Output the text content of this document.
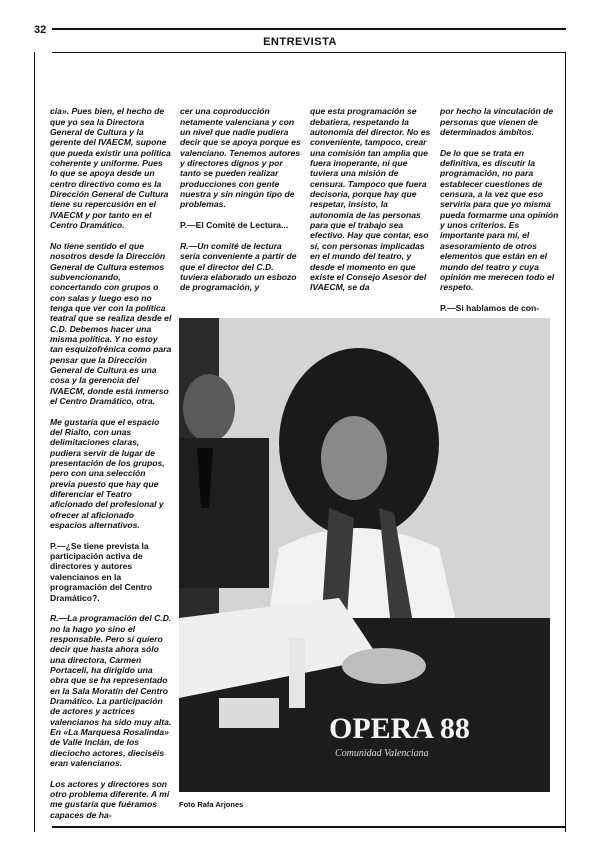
32
ENTREVISTA

cia». Pues bien, el hecho de que yo sea la Directora General de Cultura y la gerente del IVAECM, supone que pueda existir una política coherente y uniforme. Pues lo que se apoya desde un centro directivo como es la Dirección General de Cultura tiene su repercusión en el IVAECM y por tanto en el Centro Dramático.

No tiene sentido el que nosotros desde la Dirección General de Cultura estemos subvencionando, concertando con grupos o con salas y luego eso no tenga que ver con la política teatral que se realiza desde el C.D. Debemos hacer una misma política. Y no estoy tan esquizofrénica como para pensar que la Dirección General de Cultura es una cosa y la gerencia del IVAECM, donde está inmerso el Centro Dramático, otra.

Me gustaría que el espacio del Rialto, con unas delimitaciones claras, pudiera servir de lugar de presentación de los grupos, pero con una selección previa puesto que hay que diferenciar el Teatro aficionado del profesional y ofrecer al aficionado espacios alternativos.

P.—¿Se tiene prevista la participación activa de directores y autores valencianos en la programación del Centro Dramático?.

R.—La programación del C.D. no la hago yo sino el responsable. Pero sí quiero decir que hasta ahora sólo una directora, Carmen Portaceli, ha dirigido una obra que se ha representado en la Sala Moratín del Centro Dramático. La participación de actores y actrices valencianos ha sido muy alta. En «La Marquesa Rosalinda» de Valle Inclán, de los dieciocho actores, dieciséis eran valencianos.

Los actores y directores son otro problema diferente. A mí me gustaría que fuéramos capaces de ha-

cer una coproducción netamente valenciana y con un nivel que nadie pudiera decir que se apoya porque es valenciano. Tenemos autores y directores dignos y por tanto se pueden realizar producciones con gente nuestra y sin ningún tipo de problemas.

P.—El Comité de Lectura...

R.—Un comité de lectura sería conveniente a partir de que el director del C.D. tuviera elaborado un esbozo de programación, y

que esta programación se debatiera, respetando la autonomía del director. No es conveniente, tampoco, crear una comisión tan amplia que fuera inoperante, ni que tuviera una misión de censura. Tampoco que fuera decisoria, porque hay que respetar, insisto, la autonomía de las personas para que el trabajo sea efectivo. Hay que contar, eso sí, con personas implicadas en el mundo del teatro, y desde el momento en que existe el Consejo Asesor del IVAECM, se da

por hecho la vinculación de personas que vienen de determinados ámbitos.

De lo que se trata en definitiva, es discutir la programación, no para establecer cuestiones de censura, a la vez que eso serviría para que yo misma pueda formarme una opinión y unos criterios. Es importante para mí, el asesoramiento de otros elementos que están en el mundo del teatro y cuya opinión me merecen todo el respeto.

P.—Si hablamos de con-

OPERA 88
Comunidad Valenciana
Foto Rafa Arjones
